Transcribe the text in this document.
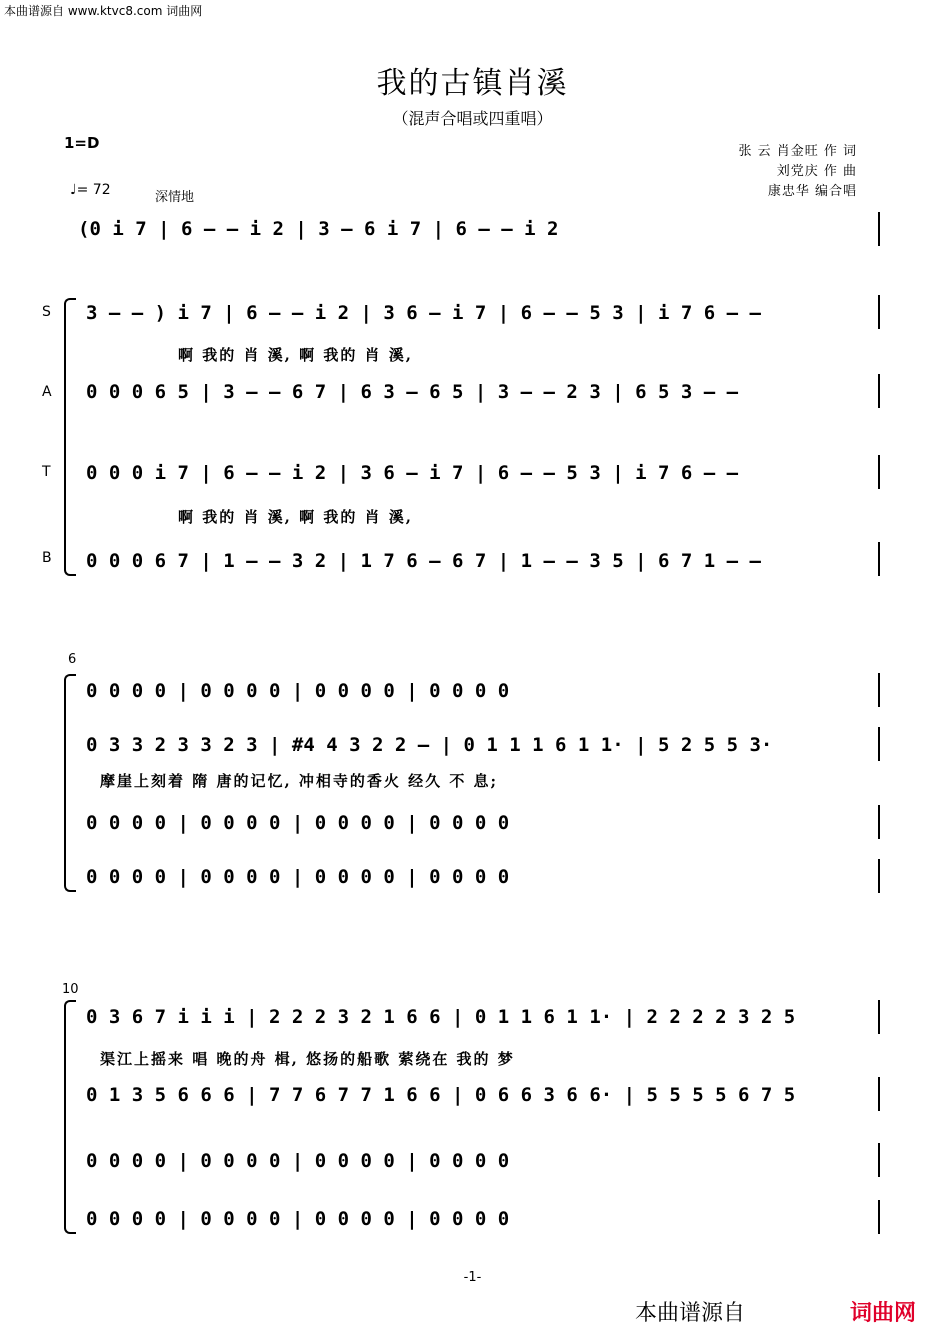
本曲谱源自 www.ktvc8.com 词曲网
我的古镇肖溪
（混声合唱或四重唱）
张 云 肖金旺 作 词
刘党庆 作 曲
康忠华 编合唱
1=D
♩= 72	深情地
(0 i 7 | 6 – – i 2 | 3 – 6 i 7 | 6 – – i 2
S
A
T
B
3 – – ) i 7 | 6 – – i 2 | 3 6 – i 7 | 6 – – 5 3 | i 7 6 – –
啊 我的 肖 溪, 啊 我的 肖 溪,
0 0 0 6 5 | 3 – – 6 7 | 6 3 – 6 5 | 3 – – 2 3 | 6 5 3 – –
0 0 0 i 7 | 6 – – i 2 | 3 6 – i 7 | 6 – – 5 3 | i 7 6 – –
啊 我的 肖 溪, 啊 我的 肖 溪,
0 0 0 6 7 | 1 – – 3 2 | 1 7 6 – 6 7 | 1 – – 3 5 | 6 7 1 – –
6
0 0 0 0 | 0 0 0 0 | 0 0 0 0 | 0 0 0 0
0 3 3 2 3 3 2 3 | #4 4 3 2 2 – | 0 1 1 1 6 1 1· | 5 2 5 5 3·
摩崖上刻着 隋 唐的记忆, 冲相寺的香火 经久 不 息;
0 0 0 0 | 0 0 0 0 | 0 0 0 0 | 0 0 0 0
0 0 0 0 | 0 0 0 0 | 0 0 0 0 | 0 0 0 0
10
0 3 6 7 i i i | 2 2 2 3 2 1 6 6 | 0 1 1 6 1 1· | 2 2 2 2 3 2 5
渠江上摇来 唱 晚的舟 楫, 悠扬的船歌 萦绕在 我的 梦
0 1 3 5 6 6 6 | 7 7 6 7 7 1 6 6 | 0 6 6 3 6 6· | 5 5 5 5 6 7 5
0 0 0 0 | 0 0 0 0 | 0 0 0 0 | 0 0 0 0
0 0 0 0 | 0 0 0 0 | 0 0 0 0 | 0 0 0 0
-1-
本曲谱源自	词曲网
